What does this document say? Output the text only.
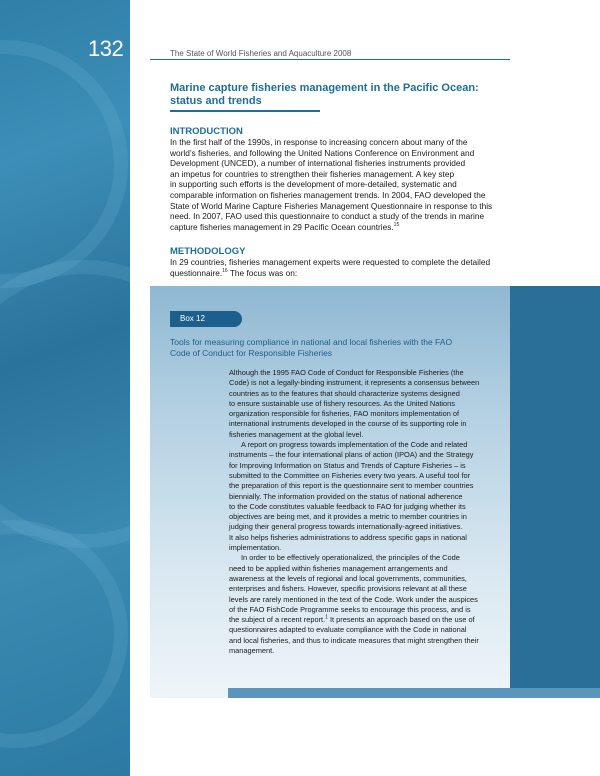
132	The State of World Fisheries and Aquaculture 2008
Marine capture fisheries management in the Pacific Ocean:
status and trends
INTRODUCTION
In the first half of the 1990s, in response to increasing concern about many of the
world’s fisheries, and following the United Nations Conference on Environment and
Development (UNCED), a number of international fisheries instruments provided
an impetus for countries to strengthen their fisheries management. A key step
in supporting such efforts is the development of more-detailed, systematic and
comparable information on fisheries management trends. In 2004, FAO developed the
State of World Marine Capture Fisheries Management Questionnaire in response to this
need. In 2007, FAO used this questionnaire to conduct a study of the trends in marine
capture fisheries management in 29 Pacific Ocean countries.$^{15}$
METHODOLOGY
In 29 countries, fisheries management experts were requested to complete the detailed
questionnaire.$^{16}$ The focus was on:
Box 12
Tools for measuring compliance in national and local fisheries with the FAO
Code of Conduct for Responsible Fisheries

Although the 1995 FAO Code of Conduct for Responsible Fisheries (the
Code) is not a legally-binding instrument, it represents a consensus between
countries as to the features that should characterize systems designed
to ensure sustainable use of fishery resources. As the United Nations
organization responsible for fisheries, FAO monitors implementation of
international instruments developed in the course of its supporting role in
fisheries management at the global level.

A report on progress towards implementation of the Code and related
instruments – the four international plans of action (IPOA) and the Strategy
for Improving Information on Status and Trends of Capture Fisheries – is
submitted to the Committee on Fisheries every two years. A useful tool for
the preparation of this report is the questionnaire sent to member countries
biennially. The information provided on the status of national adherence
to the Code constitutes valuable feedback to FAO for judging whether its
objectives are being met, and it provides a metric to member countries in
judging their general progress towards internationally-agreed initiatives.
It also helps fisheries administrations to address specific gaps in national
implementation.

In order to be effectively operationalized, the principles of the Code
need to be applied within fisheries management arrangements and
awareness at the levels of regional and local governments, communities,
enterprises and fishers. However, specific provisions relevant at all these
levels are rarely mentioned in the text of the Code. Work under the auspices
of the FAO FishCode Programme seeks to encourage this process, and is
the subject of a recent report.$^1$ It presents an approach based on the use of
questionnaires adapted to evaluate compliance with the Code in national
and local fisheries, and thus to indicate measures that might strengthen their
management.
